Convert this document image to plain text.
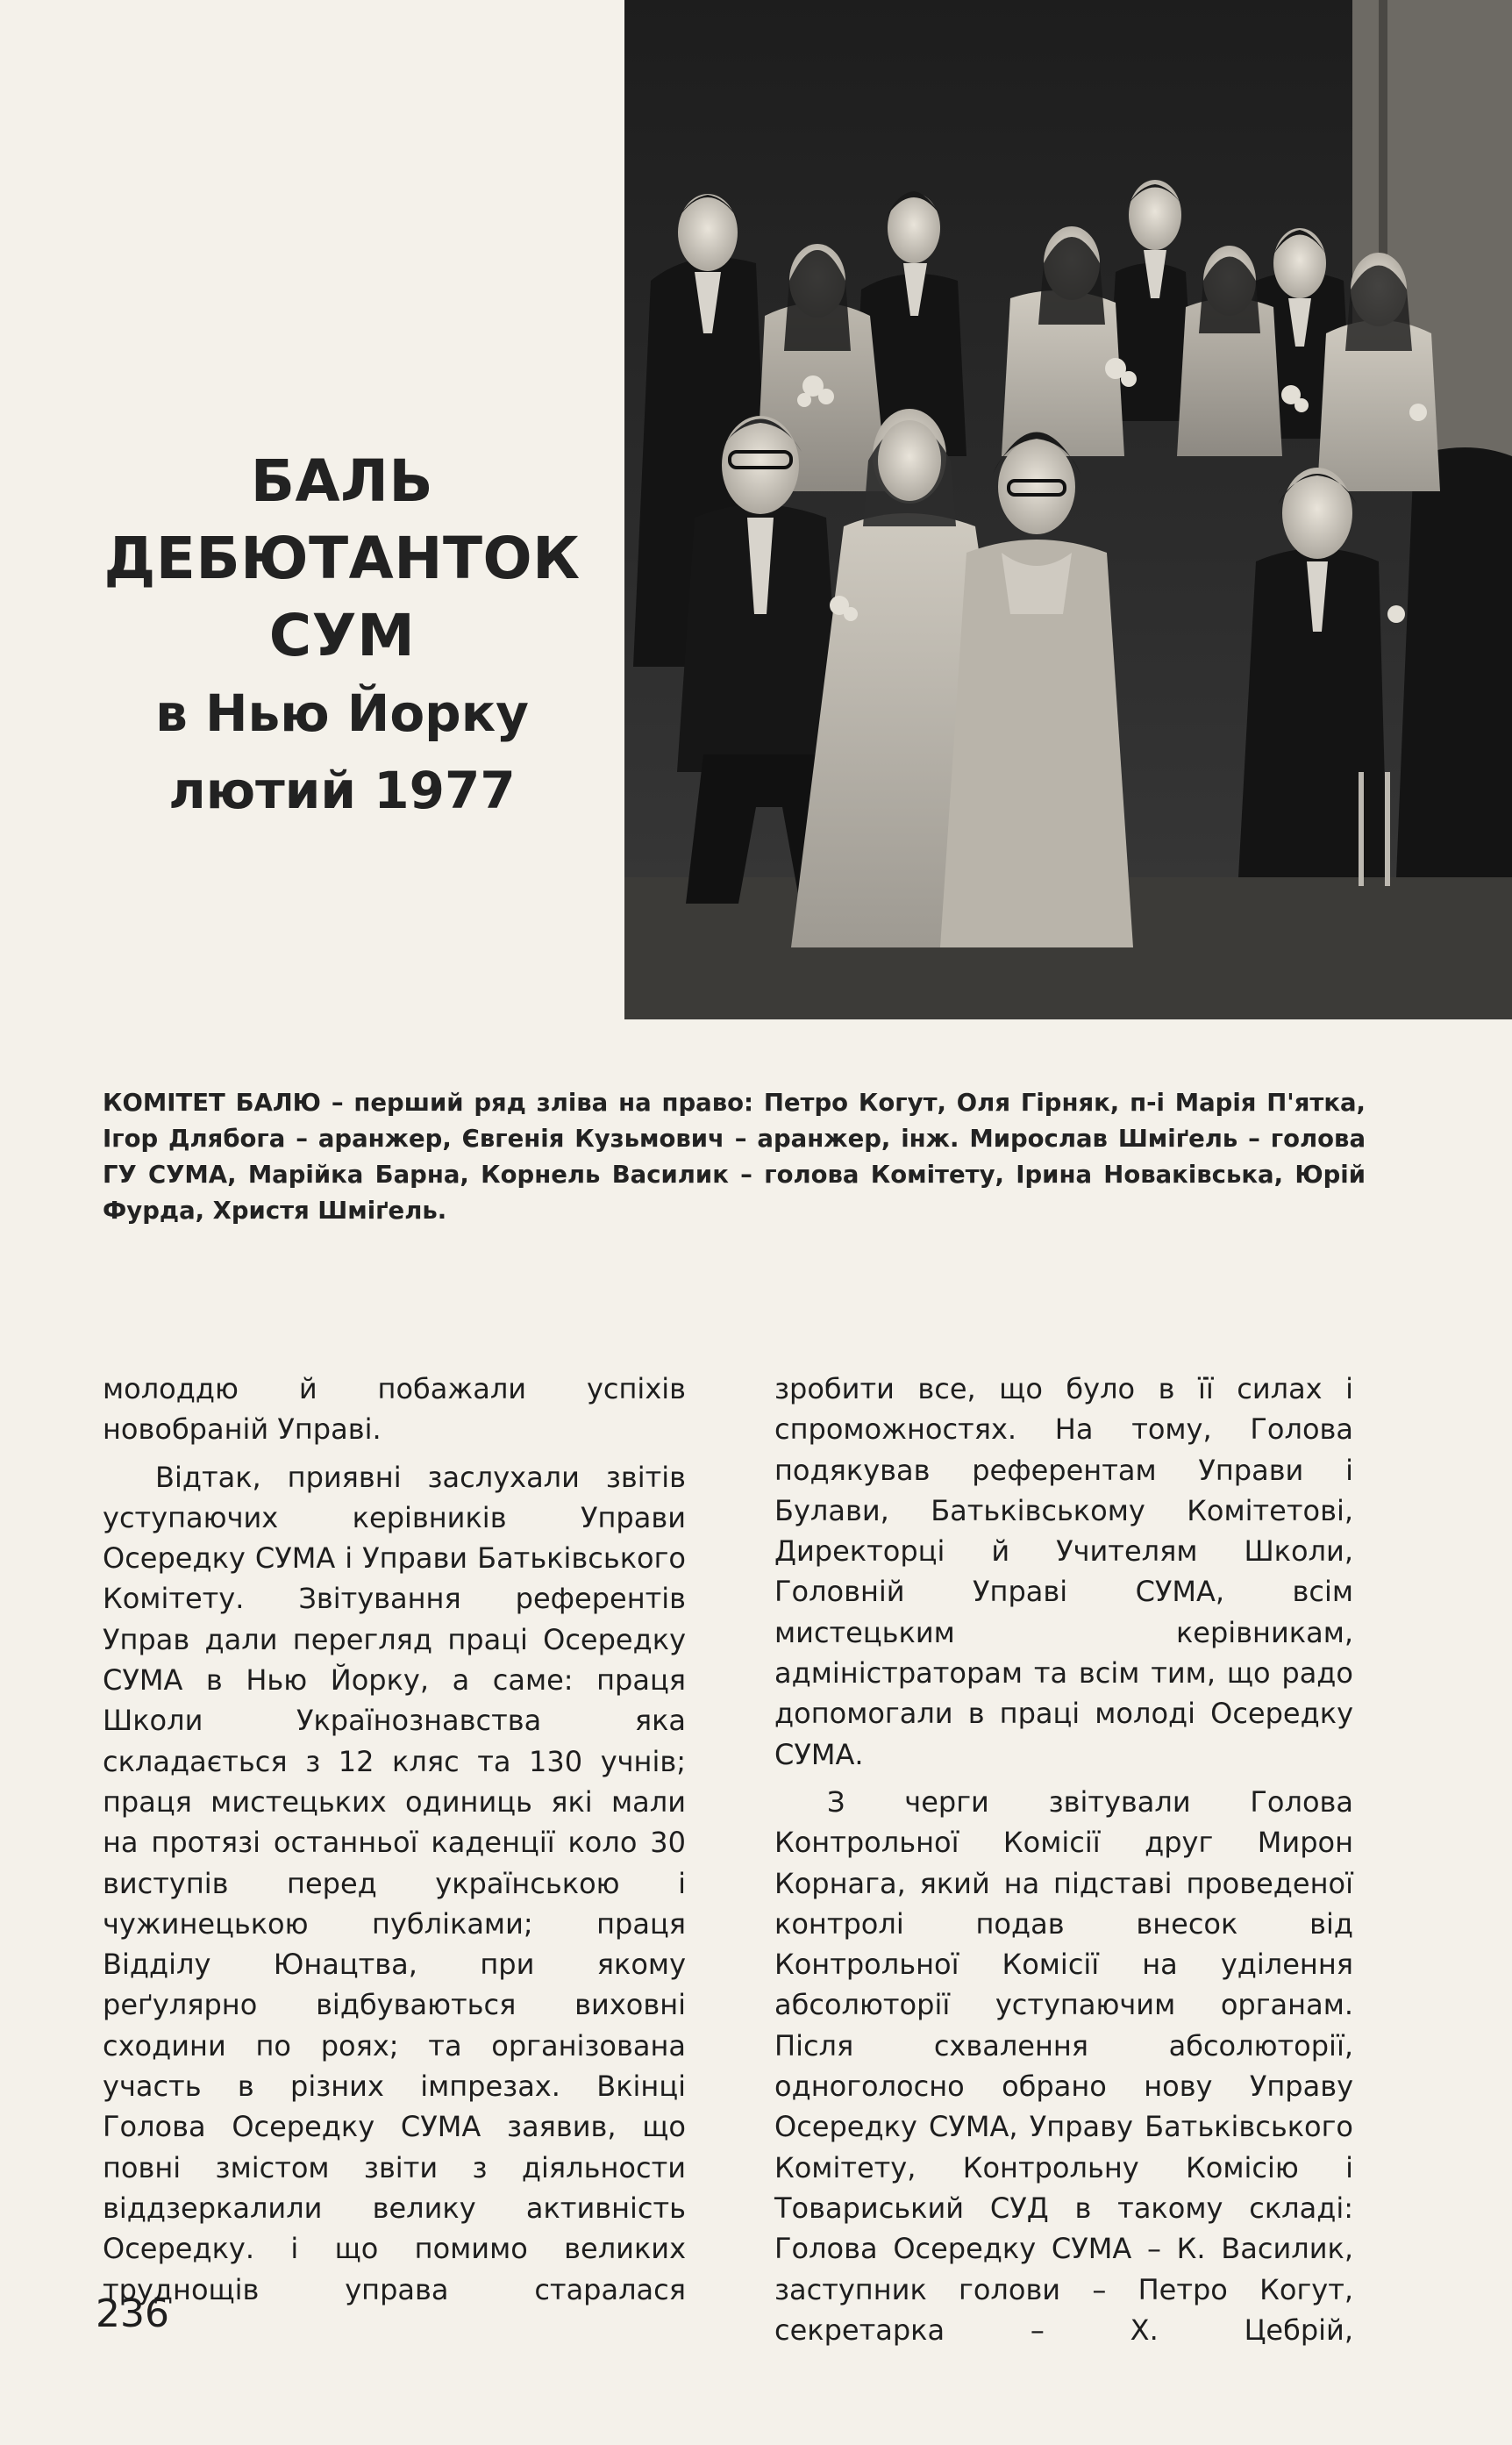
БАЛЬ
ДЕБЮТАНТОК
СУМ
в Нью Йорку
лютий 1977
КОМІТЕТ БАЛЮ – перший ряд зліва на право: Петро Когут, Оля Гірняк, п-і Марія П'ятка, Ігор Длябога – аранжер, Євгенія Кузьмович – аранжер, інж. Мирослав Шміґель – голова ГУ СУМА, Марійка Барна, Корнель Василик – голова Комітету, Ірина Новаківська, Юрій Фурда, Христя Шміґель.

молоддю й побажали успіхів новобраній Управі.

Відтак, приявні заслухали звітів уступаючих керівників Управи Осередку СУМА і Управи Батьківського Комітету. Звітування референтів Управ дали перегляд праці Осередку СУМА в Нью Йорку, а саме: праця Школи Українознавства яка складається з 12 кляс та 130 учнів; праця мистецьких одиниць які мали на протязі останньої каденції коло 30 виступів перед українською і чужинецькою публіками; праця Відділу Юнацтва, при якому реґулярно відбуваються виховні сходини по роях; та організована участь в різних імпрезах. Вкінці Голова Осередку СУМА заявив, що повні змістом звіти з діяльности віддзеркалили велику активність Осередку. і що помимо великих труднощів управа старалася

зробити все, що було в її силах і спроможностях. На тому, Голова подякував референтам Управи і Булави, Батьківському Комітетові, Директорці й Учителям Школи, Головній Управі СУМА, всім мистецьким керівникам, адміністраторам та всім тим, що радо допомогали в праці молоді Осередку СУМА.

З черги звітували Голова Контрольної Комісії друг Мирон Корнага, який на підставі проведеної контролі подав внесок від Контрольної Комісії на уділення абсолюторії уступаючим органам. Після схвалення абсолюторії, одноголосно обрано нову Управу Осередку СУМА, Управу Батьківського Комітету, Контрольну Комісію і Товариський СУД в такому складі: Голова Осередку СУМА – К. Василик, заступник голови – Петро Когут, секретарка – Х. Цебрій,

236
